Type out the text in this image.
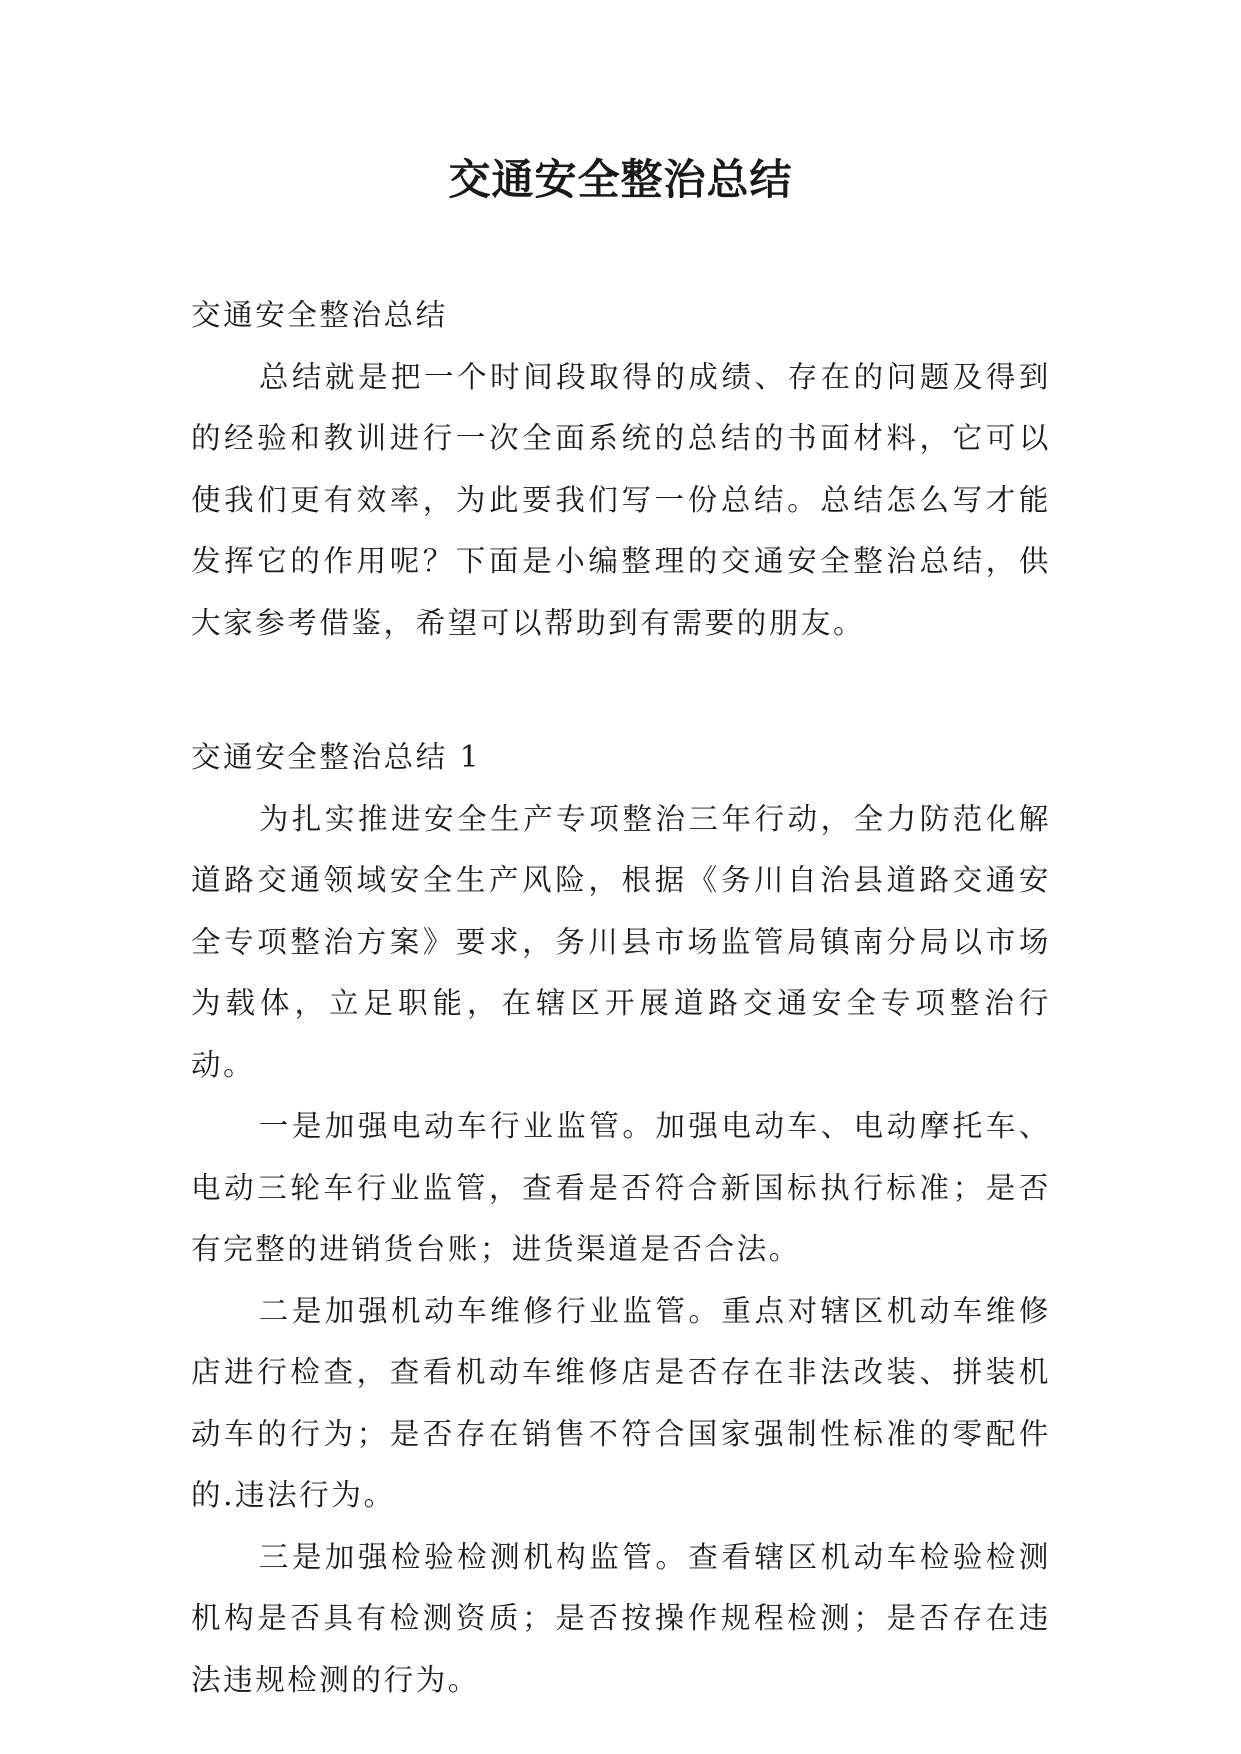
交通安全整治总结

交通安全整治总结

总结就是把一个时间段取得的成绩、存在的问题及得到的经验和教训进行一次全面系统的总结的书面材料，它可以使我们更有效率，为此要我们写一份总结。总结怎么写才能发挥它的作用呢？下面是小编整理的交通安全整治总结，供大家参考借鉴，希望可以帮助到有需要的朋友。

交通安全整治总结 1

为扎实推进安全生产专项整治三年行动，全力防范化解道路交通领域安全生产风险，根据《务川自治县道路交通安全专项整治方案》要求，务川县市场监管局镇南分局以市场为载体，立足职能，在辖区开展道路交通安全专项整治行动。

一是加强电动车行业监管。加强电动车、电动摩托车、电动三轮车行业监管，查看是否符合新国标执行标准；是否有完整的进销货台账；进货渠道是否合法。

二是加强机动车维修行业监管。重点对辖区机动车维修店进行检查，查看机动车维修店是否存在非法改装、拼装机动车的行为；是否存在销售不符合国家强制性标准的零配件的.违法行为。

三是加强检验检测机构监管。查看辖区机动车检验检测机构是否具有检测资质；是否按操作规程检测；是否存在违法违规检测的行为。
